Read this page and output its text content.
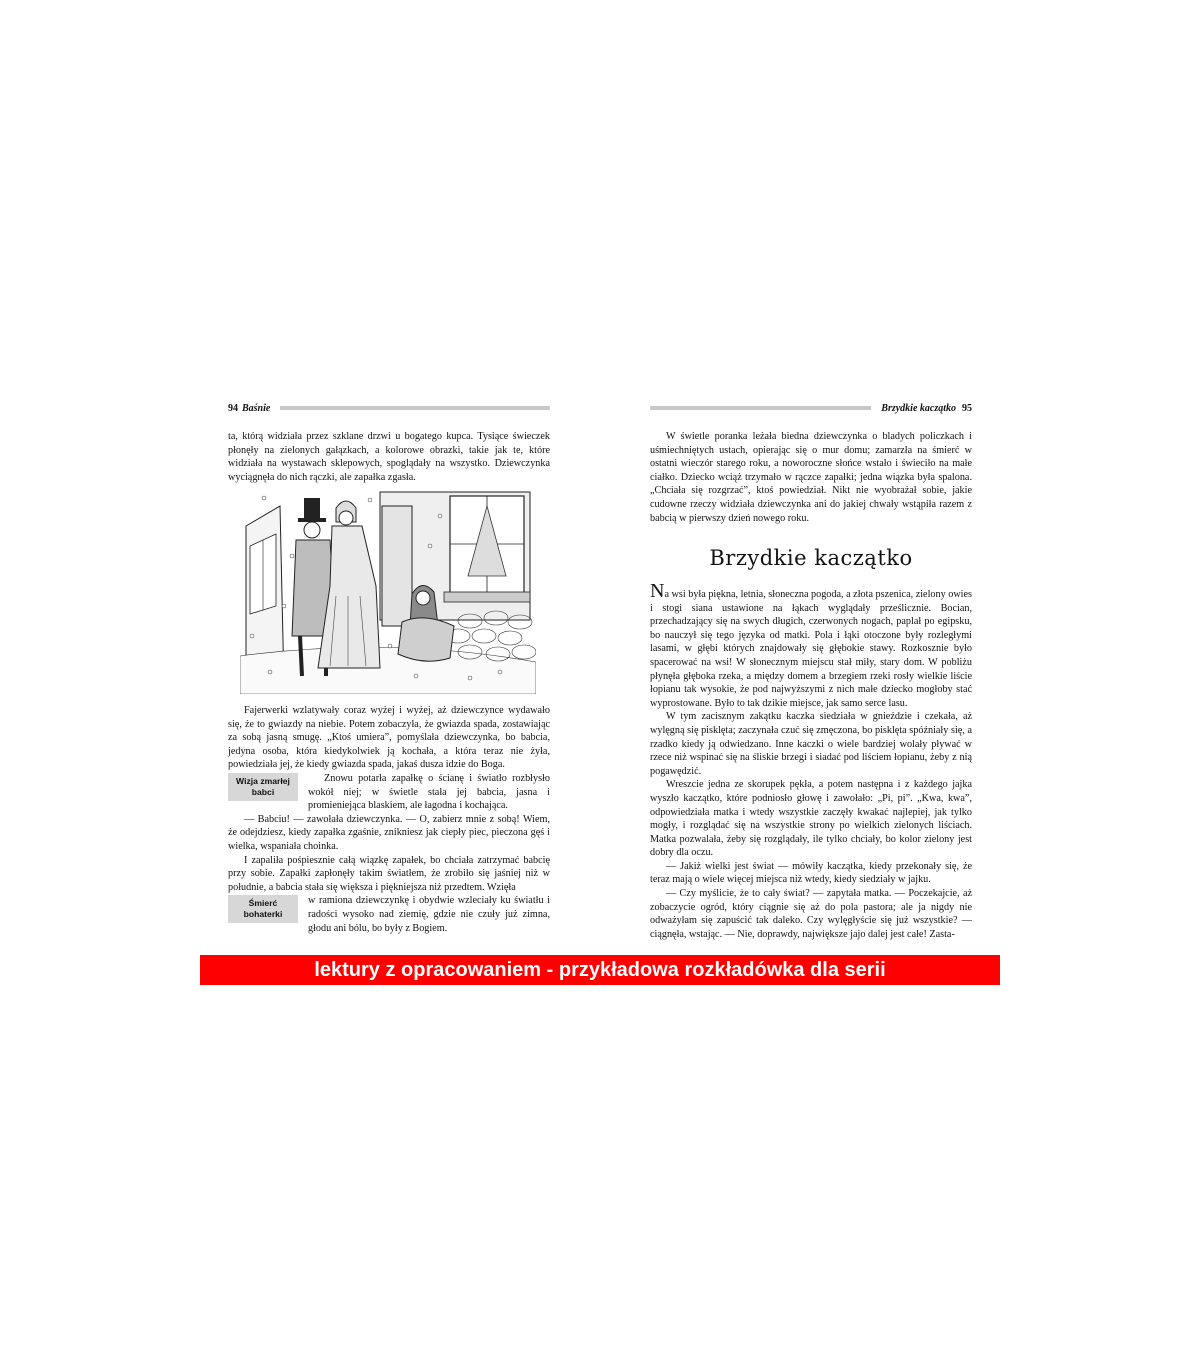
94 Baśnie

ta, którą widziała przez szklane drzwi u bogatego kupca. Tysiące świeczek płonęły na zielonych gałązkach, a kolorowe obrazki, takie jak te, które widziała na wystawach sklepowych, spoglądały na wszystko. Dziewczynka wyciągnęła do nich rączki, ale zapałka zgasła.

Fajerwerki wzlatywały coraz wyżej i wyżej, aż dziewczynce wydawało się, że to gwiazdy na niebie. Potem zobaczyła, że gwiazda spada, zostawiając za sobą jasną smugę. „Ktoś umiera”, pomyślała dziewczynka, bo babcia, jedyna osoba, która kiedykolwiek ją kochała, a która teraz nie żyła, powiedziała jej, że kiedy gwiazda spada, jakaś dusza idzie do Boga.

Wizja zmarłej babci

Znowu potarła zapałkę o ścianę i światło rozbłysło wokół niej; w świetle stała jej babcia, jasna i promieniejąca blaskiem, ale łagodna i kochająca.

— Babciu! — zawołała dziewczynka. — O, zabierz mnie z sobą! Wiem, że odejdziesz, kiedy zapałka zgaśnie, znikniesz jak ciepły piec, pieczona gęś i wielka, wspaniała choinka.

I zapaliła pośpiesznie całą wiązkę zapałek, bo chciała zatrzymać babcię przy sobie. Zapałki zapłonęły takim światłem, że zrobiło się jaśniej niż w południe, a babcia stała się większa i piękniejsza niż przedtem. Wzięła

Śmierć bohaterki

w ramiona dziewczynkę i obydwie wzleciały ku światłu i radości wysoko nad ziemię, gdzie nie czuły już zimna, głodu ani bólu, bo były z Bogiem.

Brzydkie kaczątko 95

W świetle poranka leżała biedna dziewczynka o bladych policzkach i uśmiechniętych ustach, opierając się o mur domu; zamarzła na śmierć w ostatni wieczór starego roku, a noworoczne słońce wstało i świeciło na małe ciałko. Dziecko wciąż trzymało w rączce zapałki; jedna wiązka była spalona. „Chciała się rozgrzać”, ktoś powiedział. Nikt nie wyobrażał sobie, jakie cudowne rzeczy widziała dziewczynka ani do jakiej chwały wstąpiła razem z babcią w pierwszy dzień nowego roku.

Brzydkie kaczątko

Na wsi była piękna, letnia, słoneczna pogoda, a złota pszenica, zielony owies i stogi siana ustawione na łąkach wyglądały prześlicznie. Bocian, przechadzający się na swych długich, czerwonych nogach, paplał po egipsku, bo nauczył się tego języka od matki. Pola i łąki otoczone były rozległymi lasami, w głębi których znajdowały się głębokie stawy. Rozkosznie było spacerować na wsi! W słonecznym miejscu stał miły, stary dom. W pobliżu płynęła głęboka rzeka, a między domem a brzegiem rzeki rosły wielkie liście łopianu tak wysokie, że pod najwyższymi z nich małe dziecko mogłoby stać wyprostowane. Było to tak dzikie miejsce, jak samo serce lasu.

W tym zacisznym zakątku kaczka siedziała w gnieździe i czekała, aż wylęgną się pisklęta; zaczynała czuć się zmęczona, bo pisklęta spóźniały się, a rzadko kiedy ją odwiedzano. Inne kaczki o wiele bardziej wolały pływać w rzece niż wspinać się na śliskie brzegi i siadać pod liściem łopianu, żeby z nią pogawędzić.

Wreszcie jedna ze skorupek pękła, a potem następna i z każdego jajka wyszło kaczątko, które podniosło głowę i zawołało: „Pi, pi”. „Kwa, kwa”, odpowiedziała matka i wtedy wszystkie zaczęły kwakać najlepiej, jak tylko mogły, i rozglądać się na wszystkie strony po wielkich zielonych liściach. Matka pozwalała, żeby się rozglądały, ile tylko chciały, bo kolor zielony jest dobry dla oczu.

— Jakiż wielki jest świat — mówiły kaczątka, kiedy przekonały się, że teraz mają o wiele więcej miejsca niż wtedy, kiedy siedziały w jajku.

— Czy myślicie, że to cały świat? — zapytała matka. — Poczekajcie, aż zobaczycie ogród, który ciągnie się aż do pola pastora; ale ja nigdy nie odważyłam się zapuścić tak daleko. Czy wylęgłyście się już wszystkie? — ciągnęła, wstając. — Nie, doprawdy, największe jajo dalej jest całe! Zasta-

lektury z opracowaniem - przykładowa rozkładówka dla serii
